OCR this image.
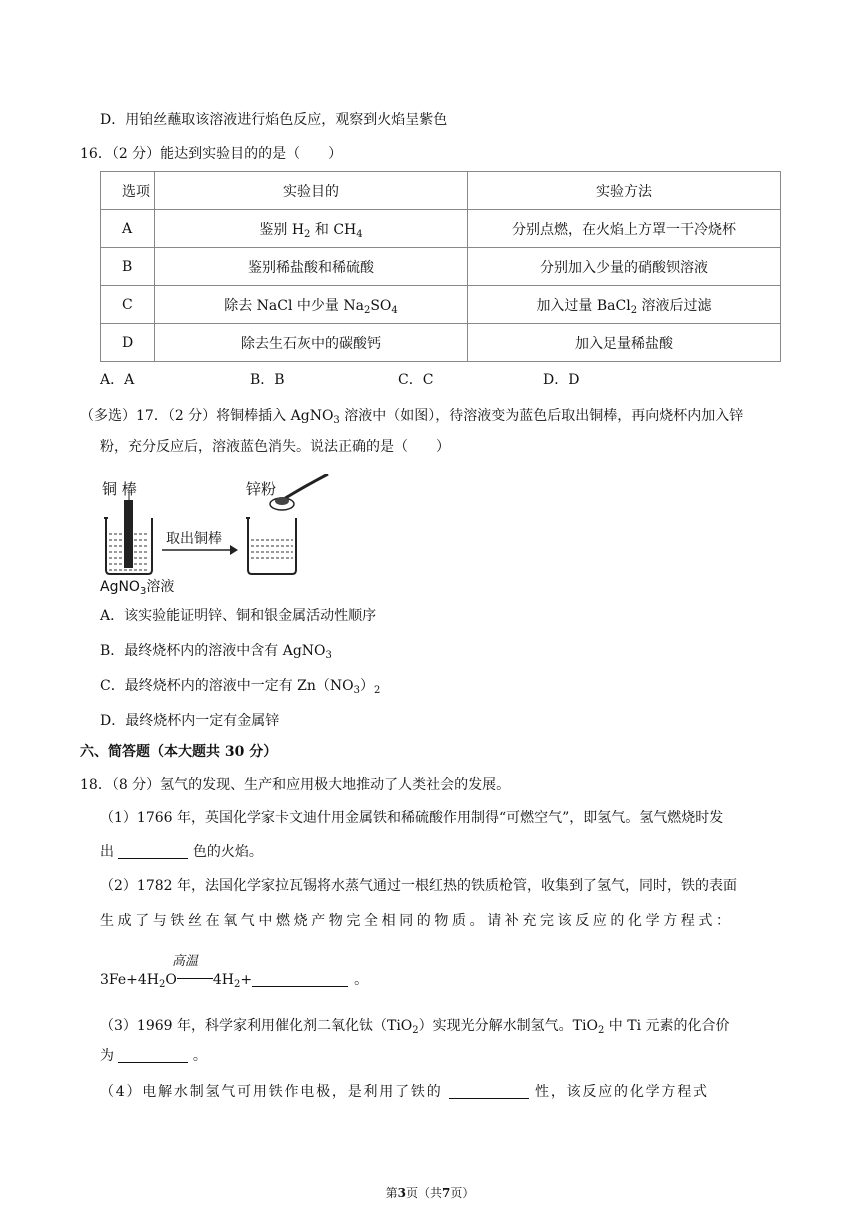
D．用铂丝蘸取该溶液进行焰色反应，观察到火焰呈紫色
16．（2 分）能达到实验目的的是（　　）
选项	实验目的	实验方法
A	鉴别 $H_2$ 和 $CH_4$	分别点燃，在火焰上方罩一干冷烧杯
B	鉴别稀盐酸和稀硫酸	分别加入少量的硝酸钡溶液
C	除去 NaCl 中少量 $Na_2SO_4$	加入过量 BaCl$_2$ 溶液后过滤
D	除去生石灰中的碳酸钙	加入足量稀盐酸
A．A	B．B	C．C	D．D
（多选）17．（2 分）将铜棒插入 AgNO$_3$ 溶液中（如图），待溶液变为蓝色后取出铜棒，再向烧杯内加入锌
粉，充分反应后，溶液蓝色消失。说法正确的是（　　）
铜 棒
取出铜棒
锌粉
AgNO$_3$溶液
A．该实验能证明锌、铜和银金属活动性顺序
B．最终烧杯内的溶液中含有 AgNO$_3$
C．最终烧杯内的溶液中一定有 $Zn(NO_3)_2$
D．最终烧杯内一定有金属锌
六、简答题（本大题共 30 分）
18．（8 分）氢气的发现、生产和应用极大地推动了人类社会的发展。
（1）1766 年，英国化学家卡文迪什用金属铁和稀硫酸作用制得“可燃空气”，即氢气。氢气燃烧时发
出	色的火焰。
（2）1782 年，法国化学家拉瓦锡将水蒸气通过一根红热的铁质枪管，收集到了氢气，同时，铁的表面
生成了与铁丝在氧气中燃烧产物完全相同的物质。请补充完该反应的化学方程式：
高温
$3Fe+4H_2O$	$4H_2+$	。
（3）1969 年，科学家利用催化剂二氧化钛（TiO$_2$）实现光分解水制氢气。TiO$_2$ 中 Ti 元素的化合价
为	。
（4）电解水制氢气可用铁作电极，是利用了铁的	性，该反应的化学方程式
第3页（共7页）
